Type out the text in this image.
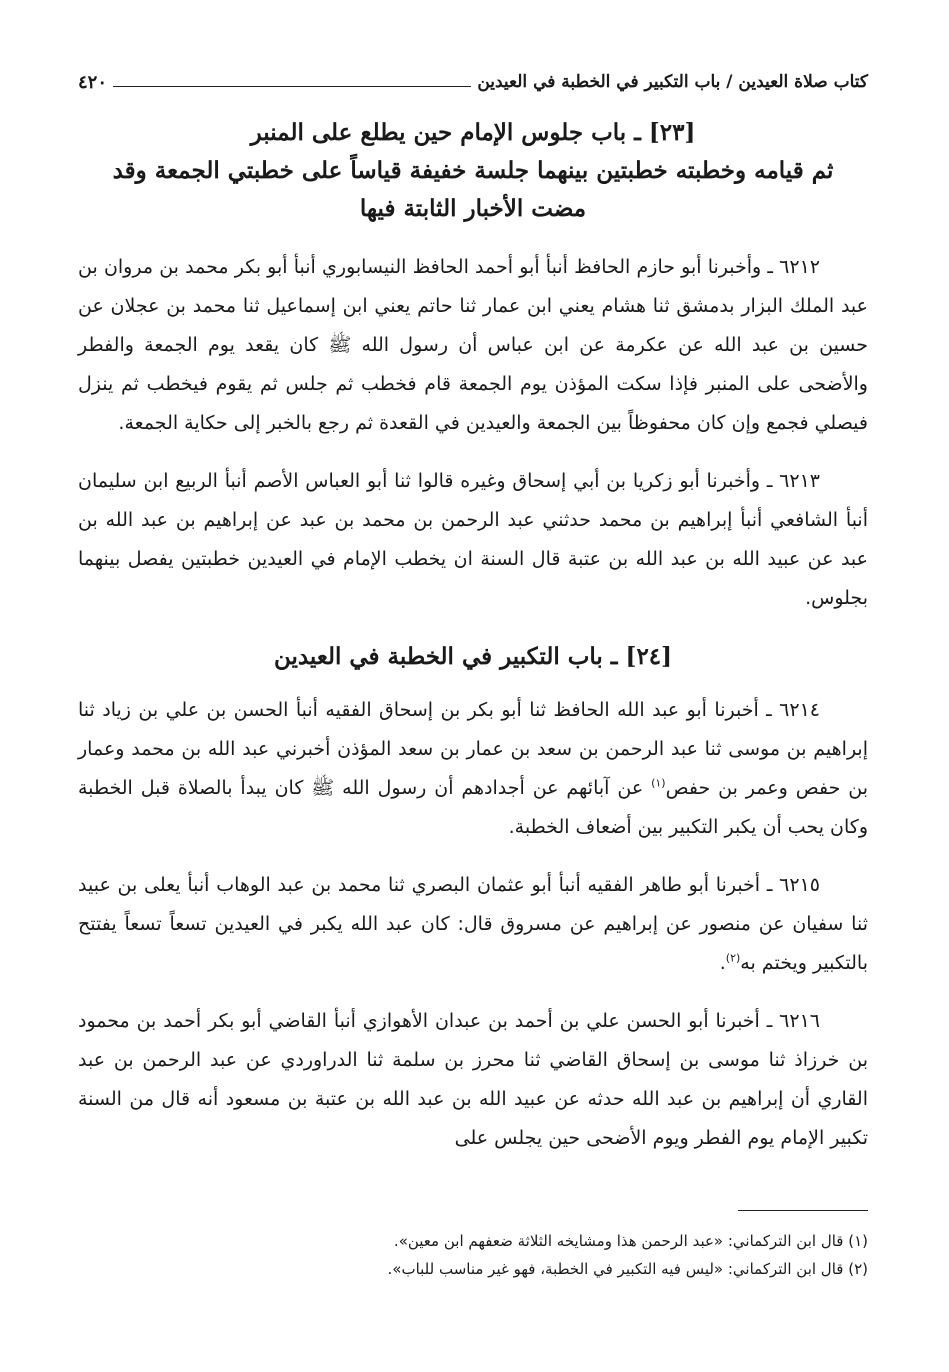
كتاب صلاة العيدين / باب التكبير في الخطبة في العيدين
٤٢٠
[٢٣] ـ باب جلوس الإمام حين يطلع على المنبر
ثم قيامه وخطبته خطبتين بينهما جلسة خفيفة قياساً على خطبتي الجمعة وقد
مضت الأخبار الثابتة فيها

٦٢١٢ ـ وأخبرنا أبو حازم الحافظ أنبأ أبو أحمد الحافظ النيسابوري أنبأ أبو بكر محمد بن مروان بن عبد الملك البزار بدمشق ثنا هشام يعني ابن عمار ثنا حاتم يعني ابن إسماعيل ثنا محمد بن عجلان عن حسين بن عبد الله عن عكرمة عن ابن عباس أن رسول الله ﷺ كان يقعد يوم الجمعة والفطر والأضحى على المنبر فإذا سكت المؤذن يوم الجمعة قام فخطب ثم جلس ثم يقوم فيخطب ثم ينزل فيصلي فجمع وإن كان محفوظاً بين الجمعة والعيدين في القعدة ثم رجع بالخبر إلى حكاية الجمعة.

٦٢١٣ ـ وأخبرنا أبو زكريا بن أبي إسحاق وغيره قالوا ثنا أبو العباس الأصم أنبأ الربيع ابن سليمان أنبأ الشافعي أنبأ إبراهيم بن محمد حدثني عبد الرحمن بن محمد بن عبد عن إبراهيم بن عبد الله بن عبد عن عبيد الله بن عبد الله بن عتبة قال السنة ان يخطب الإمام في العيدين خطبتين يفصل بينهما بجلوس.

[٢٤] ـ باب التكبير في الخطبة في العيدين

٦٢١٤ ـ أخبرنا أبو عبد الله الحافظ ثنا أبو بكر بن إسحاق الفقيه أنبأ الحسن بن علي بن زياد ثنا إبراهيم بن موسى ثنا عبد الرحمن بن سعد بن عمار بن سعد المؤذن أخبرني عبد الله بن محمد وعمار بن حفص وعمر بن حفص$^{(١)}$ عن آبائهم عن أجدادهم أن رسول الله ﷺ كان يبدأ بالصلاة قبل الخطبة وكان يحب أن يكبر التكبير بين أضعاف الخطبة.

٦٢١٥ ـ أخبرنا أبو طاهر الفقيه أنبأ أبو عثمان البصري ثنا محمد بن عبد الوهاب أنبأ يعلى بن عبيد ثنا سفيان عن منصور عن إبراهيم عن مسروق قال: كان عبد الله يكبر في العيدين تسعاً تسعاً يفتتح بالتكبير ويختم به$^{(٢)}$.

٦٢١٦ ـ أخبرنا أبو الحسن علي بن أحمد بن عبدان الأهوازي أنبأ القاضي أبو بكر أحمد بن محمود بن خرزاذ ثنا موسى بن إسحاق القاضي ثنا محرز بن سلمة ثنا الدراوردي عن عبد الرحمن بن عبد القاري أن إبراهيم بن عبد الله حدثه عن عبيد الله بن عبد الله بن عتبة بن مسعود أنه قال من السنة تكبير الإمام يوم الفطر ويوم الأضحى حين يجلس على

(١) قال ابن التركماني: «عبد الرحمن هذا ومشايخه الثلاثة ضعفهم ابن معين».
(٢) قال ابن التركماني: «ليس فيه التكبير في الخطبة، فهو غير مناسب للباب».
